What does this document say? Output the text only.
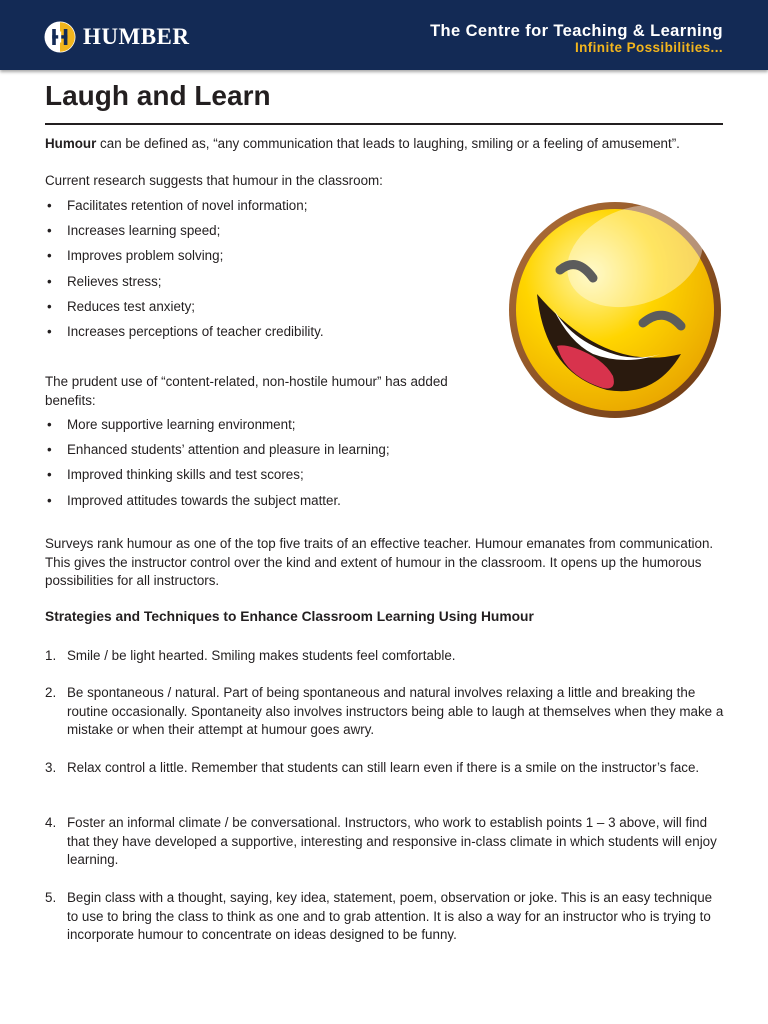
HUMBER	The Centre for Teaching & Learning
Infinite Possibilities...
Laugh and Learn

Humour can be defined as, “any communication that leads to laughing, smiling or a feeling of amusement”.

Current research suggests that humour in the classroom:

• Facilitates retention of novel information;
• Increases learning speed;
• Improves problem solving;
• Relieves stress;
• Reduces test anxiety;
• Increases perceptions of teacher credibility.

The prudent use of “content-related, non-hostile humour” has added benefits:

• More supportive learning environment;
• Enhanced students’ attention and pleasure in learning;
• Improved thinking skills and test scores;
• Improved attitudes towards the subject matter.

Surveys rank humour as one of the top five traits of an effective teacher. Humour emanates from communication. This gives the instructor control over the kind and extent of humour in the classroom. It opens up the humorous possibilities for all instructors.

Strategies and Techniques to Enhance Classroom Learning Using Humour
1. Smile / be light hearted. Smiling makes students feel comfortable.
2. Be spontaneous / natural. Part of being spontaneous and natural involves relaxing a little and breaking the routine occasionally. Spontaneity also involves instructors being able to laugh at themselves when they make a mistake or when their attempt at humour goes awry.
3. Relax control a little. Remember that students can still learn even if there is a smile on the instructor’s face.
4. Foster an informal climate / be conversational. Instructors, who work to establish points 1 – 3 above, will find that they have developed a supportive, interesting and responsive in-class climate in which students will enjoy learning.
5. Begin class with a thought, saying, key idea, statement, poem, observation or joke. This is an easy technique to use to bring the class to think as one and to grab attention. It is also a way for an instructor who is trying to incorporate humour to concentrate on ideas designed to be funny.
